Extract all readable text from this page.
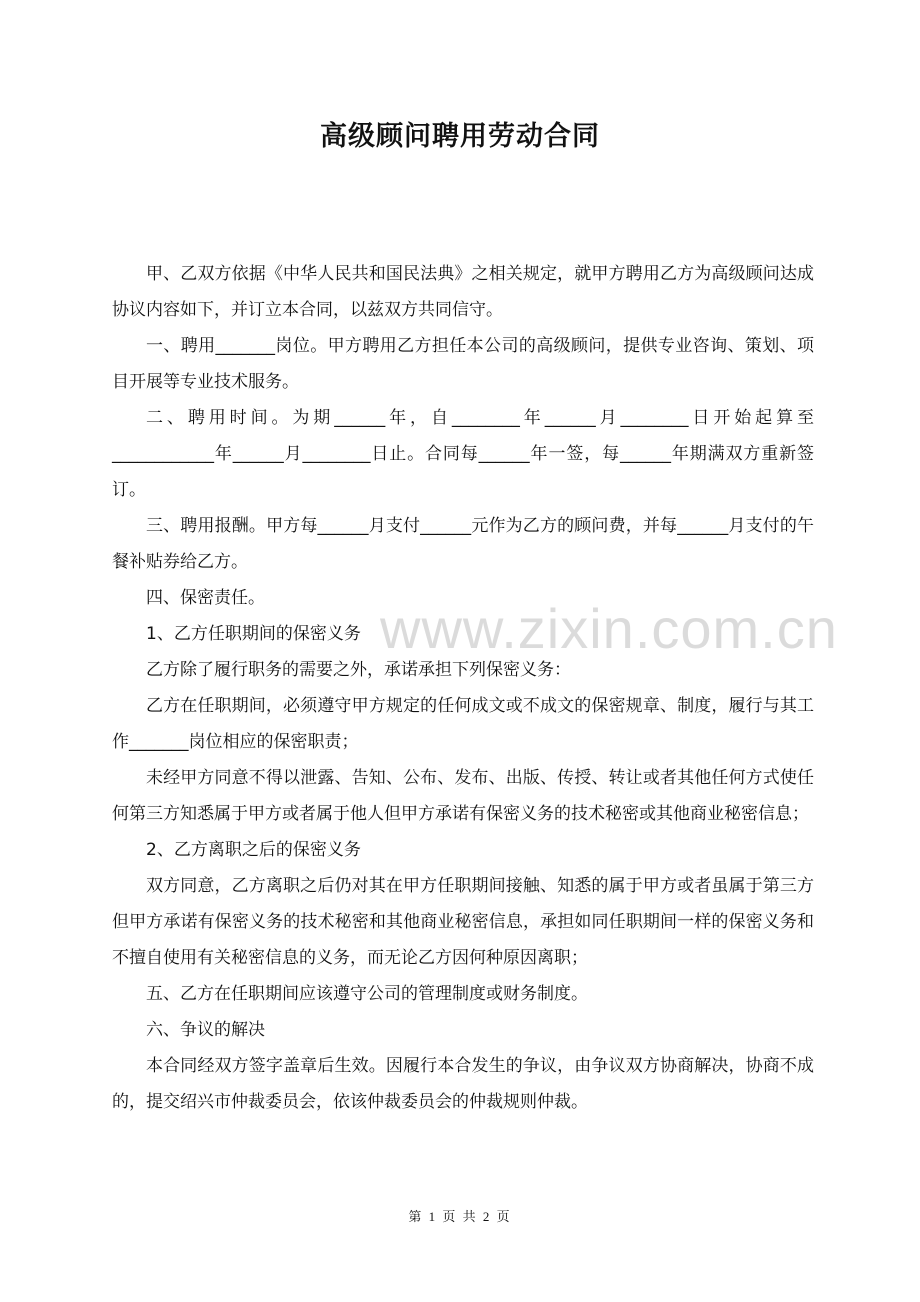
高级顾问聘用劳动合同

甲、乙双方依据《中华人民共和国民法典》之相关规定，就甲方聘用乙方为高级顾问达成协议内容如下，并订立本合同，以兹双方共同信守。

一、聘用_______岗位。甲方聘用乙方担任本公司的高级顾问，提供专业咨询、策划、项目开展等专业技术服务。

二、聘用时间。为期______年，自________年______月________日开始起算至____________年______月________日止。合同每______年一签，每______年期满双方重新签订。

三、聘用报酬。甲方每______月支付______元作为乙方的顾问费，并每______月支付的午餐补贴券给乙方。

四、保密责任。

1、乙方任职期间的保密义务

乙方除了履行职务的需要之外，承诺承担下列保密义务：

乙方在任职期间，必须遵守甲方规定的任何成文或不成文的保密规章、制度，履行与其工作_______岗位相应的保密职责；

未经甲方同意不得以泄露、告知、公布、发布、出版、传授、转让或者其他任何方式使任何第三方知悉属于甲方或者属于他人但甲方承诺有保密义务的技术秘密或其他商业秘密信息；

2、乙方离职之后的保密义务

双方同意，乙方离职之后仍对其在甲方任职期间接触、知悉的属于甲方或者虽属于第三方但甲方承诺有保密义务的技术秘密和其他商业秘密信息，承担如同任职期间一样的保密义务和不擅自使用有关秘密信息的义务，而无论乙方因何种原因离职；

五、乙方在任职期间应该遵守公司的管理制度或财务制度。

六、争议的解决

本合同经双方签字盖章后生效。因履行本合发生的争议，由争议双方协商解决，协商不成的，提交绍兴市仲裁委员会，依该仲裁委员会的仲裁规则仲裁。

www.zixin.com.cn
第 1 页 共 2 页
